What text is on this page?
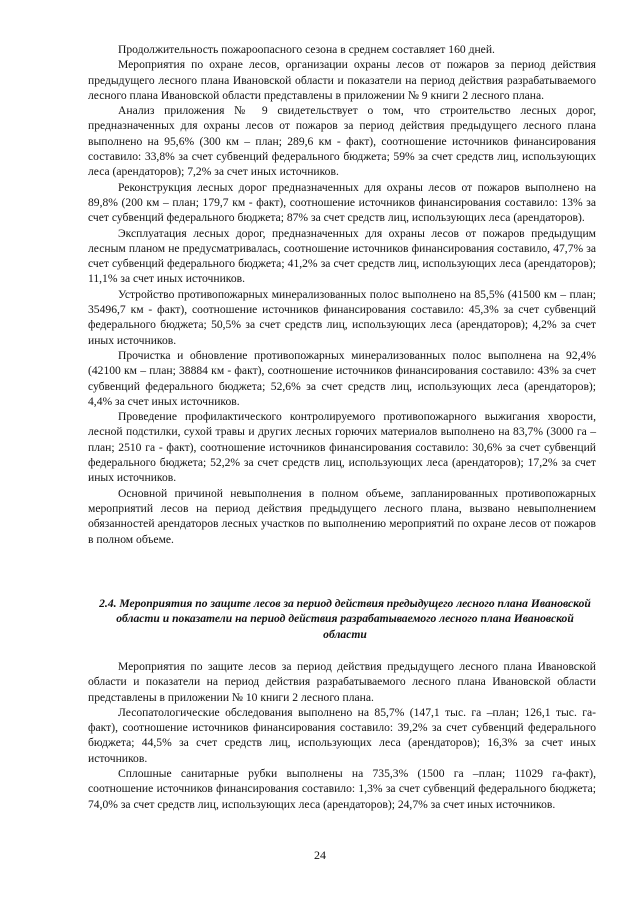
Продолжительность пожароопасного сезона в среднем составляет 160 дней.

Мероприятия по охране лесов, организации охраны лесов от пожаров за период действия предыдущего лесного плана Ивановской области и показатели на период действия разрабатываемого лесного плана Ивановской области представлены в приложении № 9 книги 2 лесного плана.

Анализ приложения № 9 свидетельствует о том, что строительство лесных дорог, предназначенных для охраны лесов от пожаров за период действия предыдущего лесного плана выполнено на 95,6% (300 км – план; 289,6 км - факт), соотношение источников финансирования составило: 33,8% за счет субвенций федерального бюджета; 59% за счет средств лиц, использующих леса (арендаторов); 7,2% за счет иных источников.

Реконструкция лесных дорог предназначенных для охраны лесов от пожаров выполнено на 89,8% (200 км – план; 179,7 км - факт), соотношение источников финансирования составило: 13% за счет субвенций федерального бюджета; 87% за счет средств лиц, использующих леса (арендаторов).

Эксплуатация лесных дорог, предназначенных для охраны лесов от пожаров предыдущим лесным планом не предусматривалась, соотношение источников финансирования составило, 47,7% за счет субвенций федерального бюджета; 41,2% за счет средств лиц, использующих леса (арендаторов); 11,1% за счет иных источников.

Устройство противопожарных минерализованных полос выполнено на 85,5% (41500 км – план; 35496,7 км - факт), соотношение источников финансирования составило: 45,3% за счет субвенций федерального бюджета; 50,5% за счет средств лиц, использующих леса (арендаторов); 4,2% за счет иных источников.

Прочистка и обновление противопожарных минерализованных полос выполнена на 92,4% (42100 км – план; 38884 км - факт), соотношение источников финансирования составило: 43% за счет субвенций федерального бюджета; 52,6% за счет средств лиц, использующих леса (арендаторов); 4,4% за счет иных источников.

Проведение профилактического контролируемого противопожарного выжигания хворости, лесной подстилки, сухой травы и других лесных горючих материалов выполнено на 83,7% (3000 га – план; 2510 га - факт), соотношение источников финансирования составило: 30,6% за счет субвенций федерального бюджета; 52,2% за счет средств лиц, использующих леса (арендаторов); 17,2% за счет иных источников.

Основной причиной невыполнения в полном объеме, запланированных противопожарных мероприятий лесов на период действия предыдущего лесного плана, вызвано невыполнением обязанностей арендаторов лесных участков по выполнению мероприятий по охране лесов от пожаров в полном объеме.

2.4. Мероприятия по защите лесов за период действия предыдущего лесного плана Ивановской области и показатели на период действия разрабатываемого лесного плана Ивановской области

Мероприятия по защите лесов за период действия предыдущего лесного плана Ивановской области и показатели на период действия разрабатываемого лесного плана Ивановской области представлены в приложении № 10 книги 2 лесного плана.

Лесопатологические обследования выполнено на 85,7% (147,1 тыс. га –план; 126,1 тыс. га- факт), соотношение источников финансирования составило: 39,2% за счет субвенций федерального бюджета; 44,5% за счет средств лиц, использующих леса (арендаторов); 16,3% за счет иных источников.

Сплошные санитарные рубки выполнены на 735,3% (1500 га –план; 11029 га-факт), соотношение источников финансирования составило: 1,3% за счет субвенций федерального бюджета; 74,0% за счет средств лиц, использующих леса (арендаторов); 24,7% за счет иных источников.

24
